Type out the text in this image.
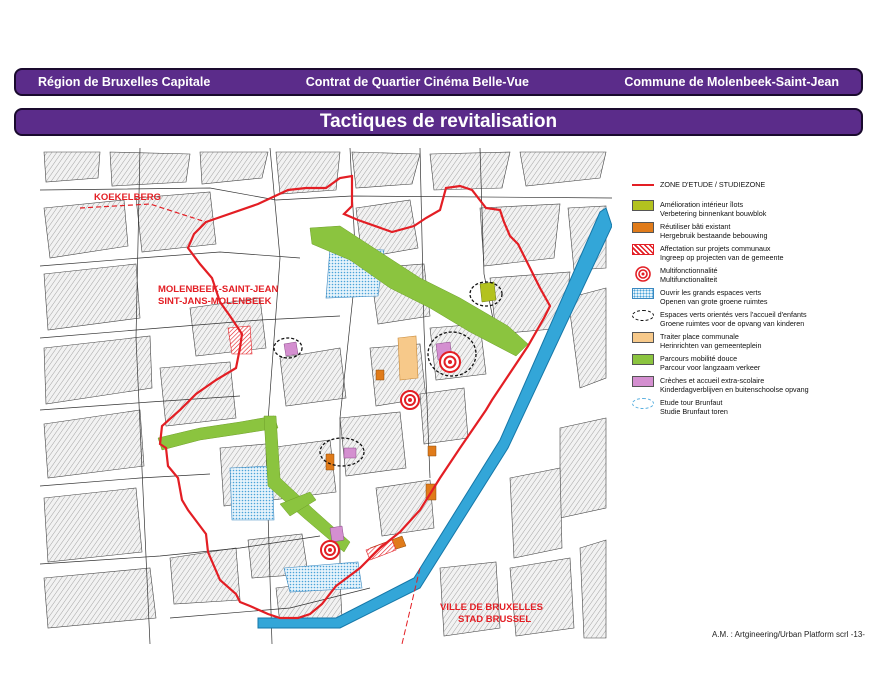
Région de Bruxelles Capitale	Contrat de Quartier Cinéma Belle-Vue	Commune de Molenbeek-Saint-Jean
Tactiques de revitalisation
KOEKELBERG
MOLENBEEK-SAINT-JEAN
SINT-JANS-MOLENBEEK
VILLE DE BRUXELLES
STAD BRUSSEL
ZONE D'ETUDE / STUDIEZONE
Amélioration intérieur îlots
Verbetering binnenkant bouwblok
Réutiliser bâti existant
Hergebruik bestaande bebouwing
Affectation sur projets communaux
Ingreep op projecten van de gemeente
Multifonctionnalité
Multifunctionaliteit
Ouvrir les grands espaces verts
Openen van grote groene ruimtes
Espaces verts orientés vers l'accueil d'enfants
Groene ruimtes voor de opvang van kinderen
Traiter place communale
Herinrichten van gemeenteplein
Parcours mobilité douce
Parcour voor langzaam verkeer
Crèches et accueil extra-scolaire
Kinderdagverblijven en buitenschoolse opvang
Etude tour Brunfaut
Studie Brunfaut toren
A.M. : Artgineering/Urban Platform scrl -13-
